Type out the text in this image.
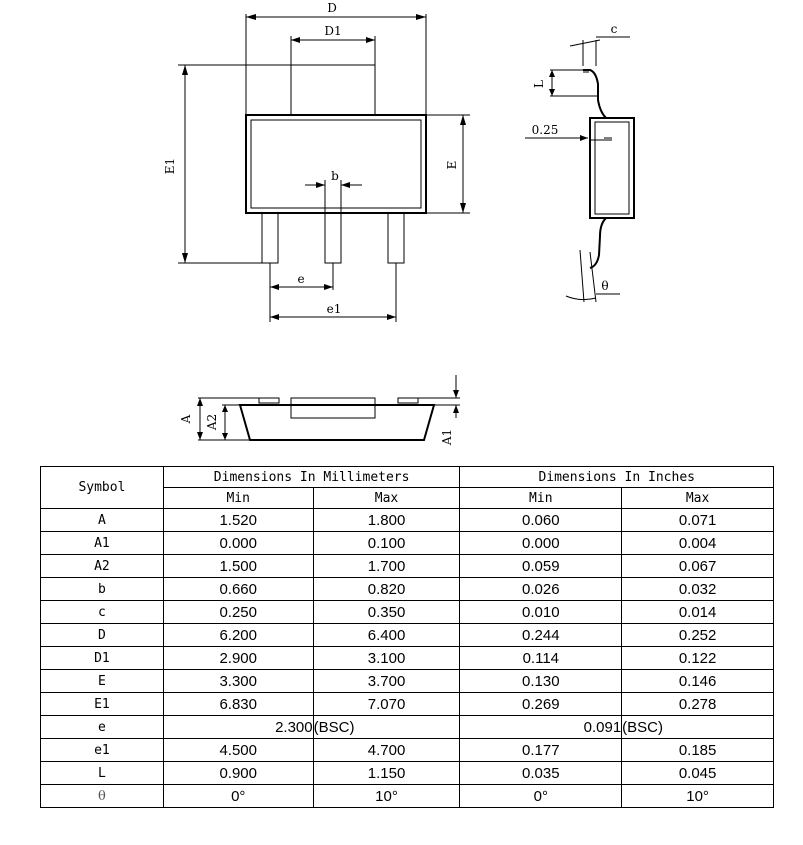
D
D1
E1	E
b
e
e1
c
L
0.25
θ
A A2
A1
Symbol	Dimensions In Millimeters		Dimensions In Inches	
	Min	Max	Min	Max
A	1.520	1.800	0.060	0.071
A1	0.000	0.100	0.000	0.004
A2	1.500	1.700	0.059	0.067
b	0.660	0.820	0.026	0.032
c	0.250	0.350	0.010	0.014
D	6.200	6.400	0.244	0.252
D1	2.900	3.100	0.114	0.122
E	3.300	3.700	0.130	0.146
E1	6.830	7.070	0.269	0.278
e	2.300	(BSC)	0.091	(BSC)
e1	4.500	4.700	0.177	0.185
L	0.900	1.150	0.035	0.045
θ	0°	10°	0°	10°
